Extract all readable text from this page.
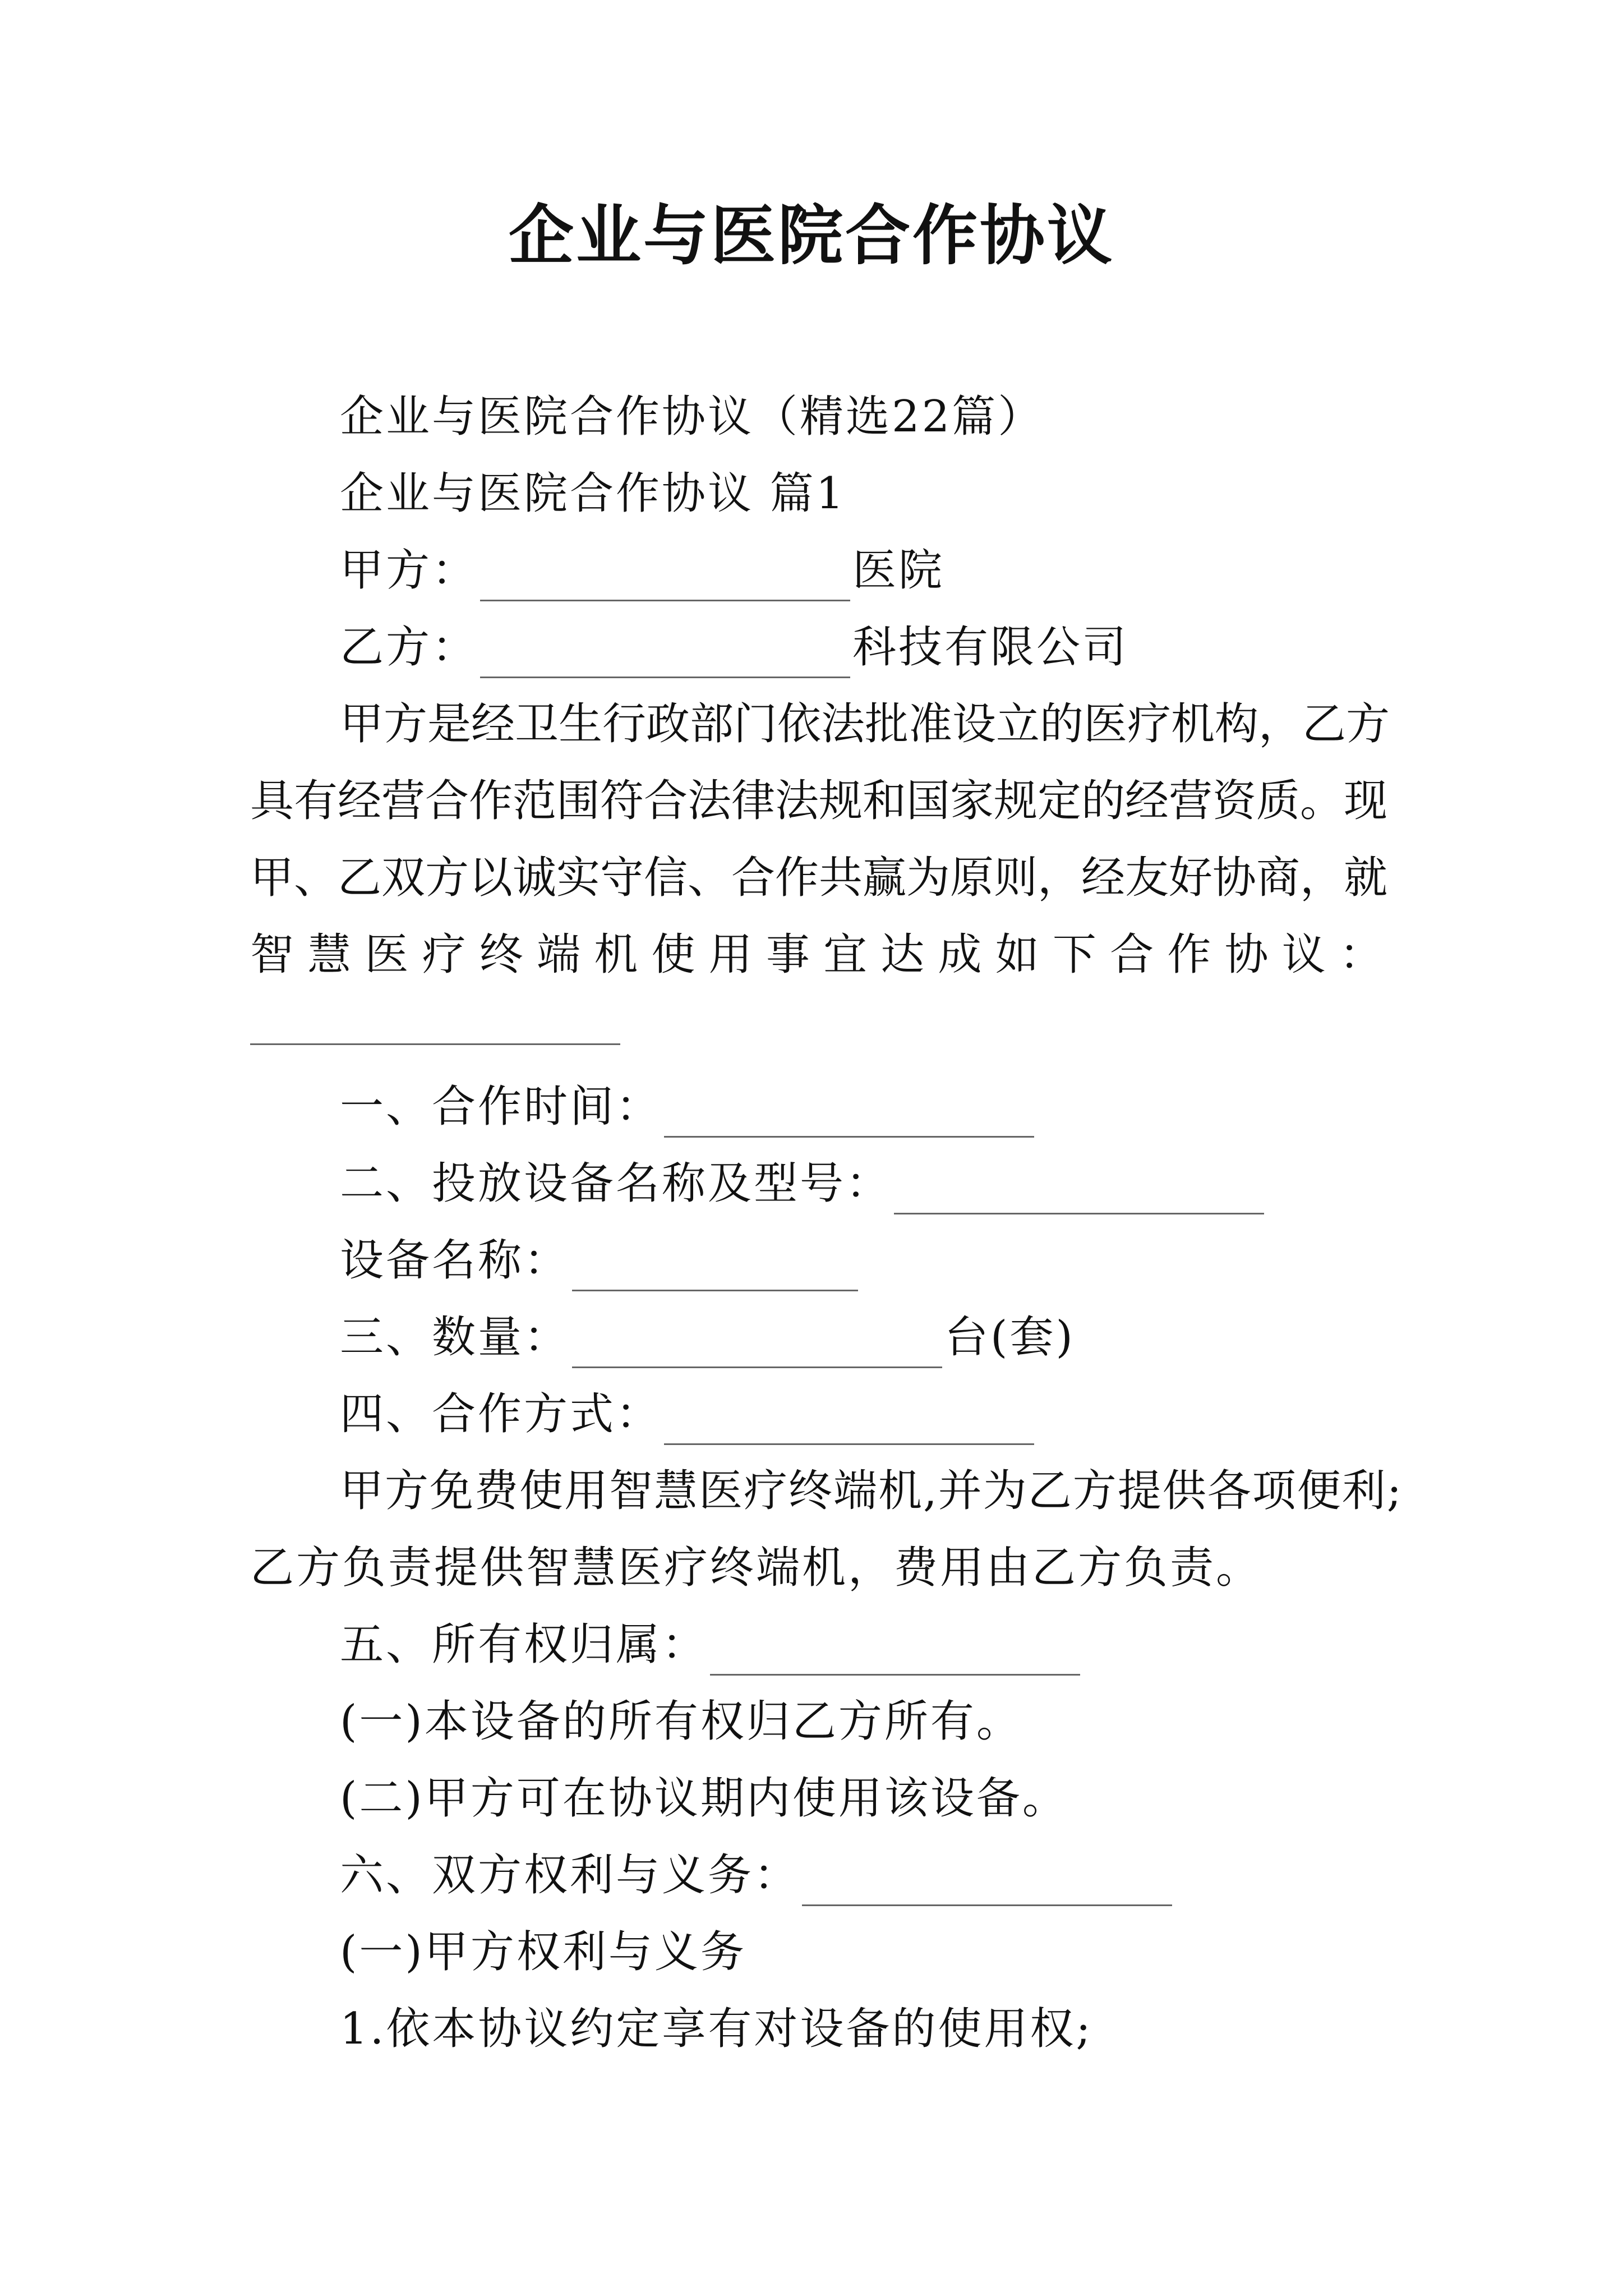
企业与医院合作协议
企业与医院合作协议（精选22篇）
企业与医院合作协议 篇1
甲方：	医院
乙方：	科技有限公司
甲方是经卫生行政部门依法批准设立的医疗机构，乙方
具有经营合作范围符合法律法规和国家规定的经营资质。现
甲、乙双方以诚实守信、合作共赢为原则，经友好协商，就
智慧医疗终端机使用事宜达成如下合作协议：
一、合作时间：
二、投放设备名称及型号：
设备名称：
三、数量：	台(套)
四、合作方式：
甲方免费使用智慧医疗终端机,并为乙方提供各项便利;
乙方负责提供智慧医疗终端机，费用由乙方负责。
五、所有权归属：
(一)本设备的所有权归乙方所有。
(二)甲方可在协议期内使用该设备。
六、双方权利与义务：
(一)甲方权利与义务
1.依本协议约定享有对设备的使用权;
